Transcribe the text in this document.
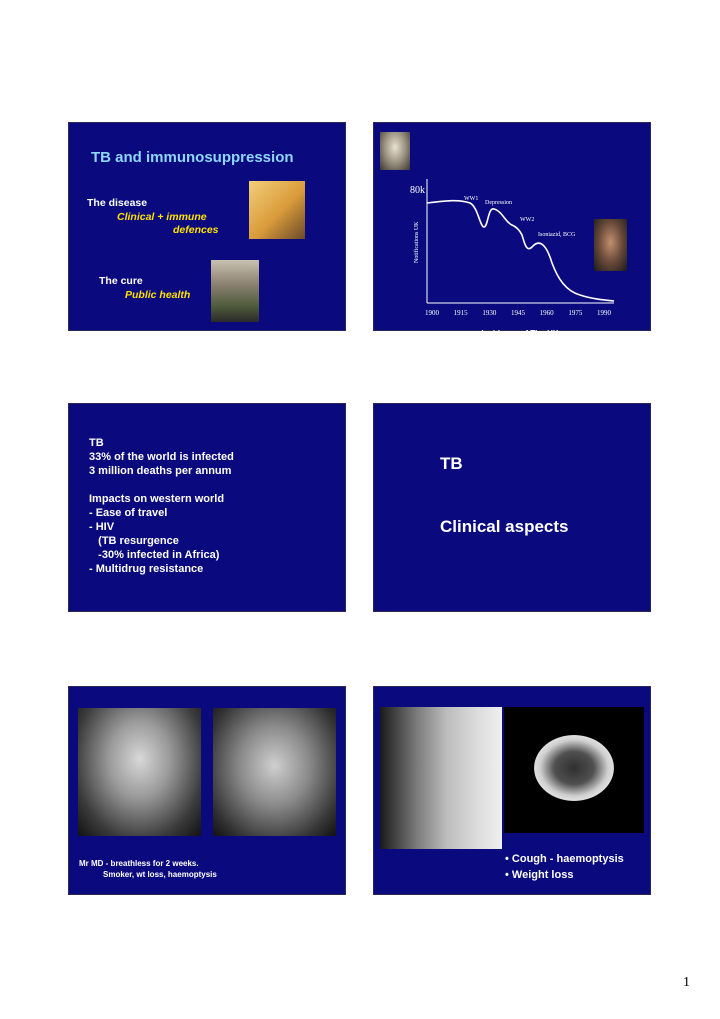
TB and immunosuppression
The disease
Clinical + immune
defences
The cure
Public health
Notifications UK
80k
WW1
Depression
WW2
Isoniazid, BCG
1900 1915 1930 1945 1960 1975 1990
Incidence of Tb - UK
TB
33% of the world is infected
3 million deaths per annum
Impacts on western world
- Ease of travel
- HIV
(TB resurgence
-30% infected in Africa)
- Multidrug resistance
TB
Clinical aspects
Mr MD - breathless for 2 weeks.
Smoker, wt loss, haemoptysis
• Cough - haemoptysis
• Weight loss
1
